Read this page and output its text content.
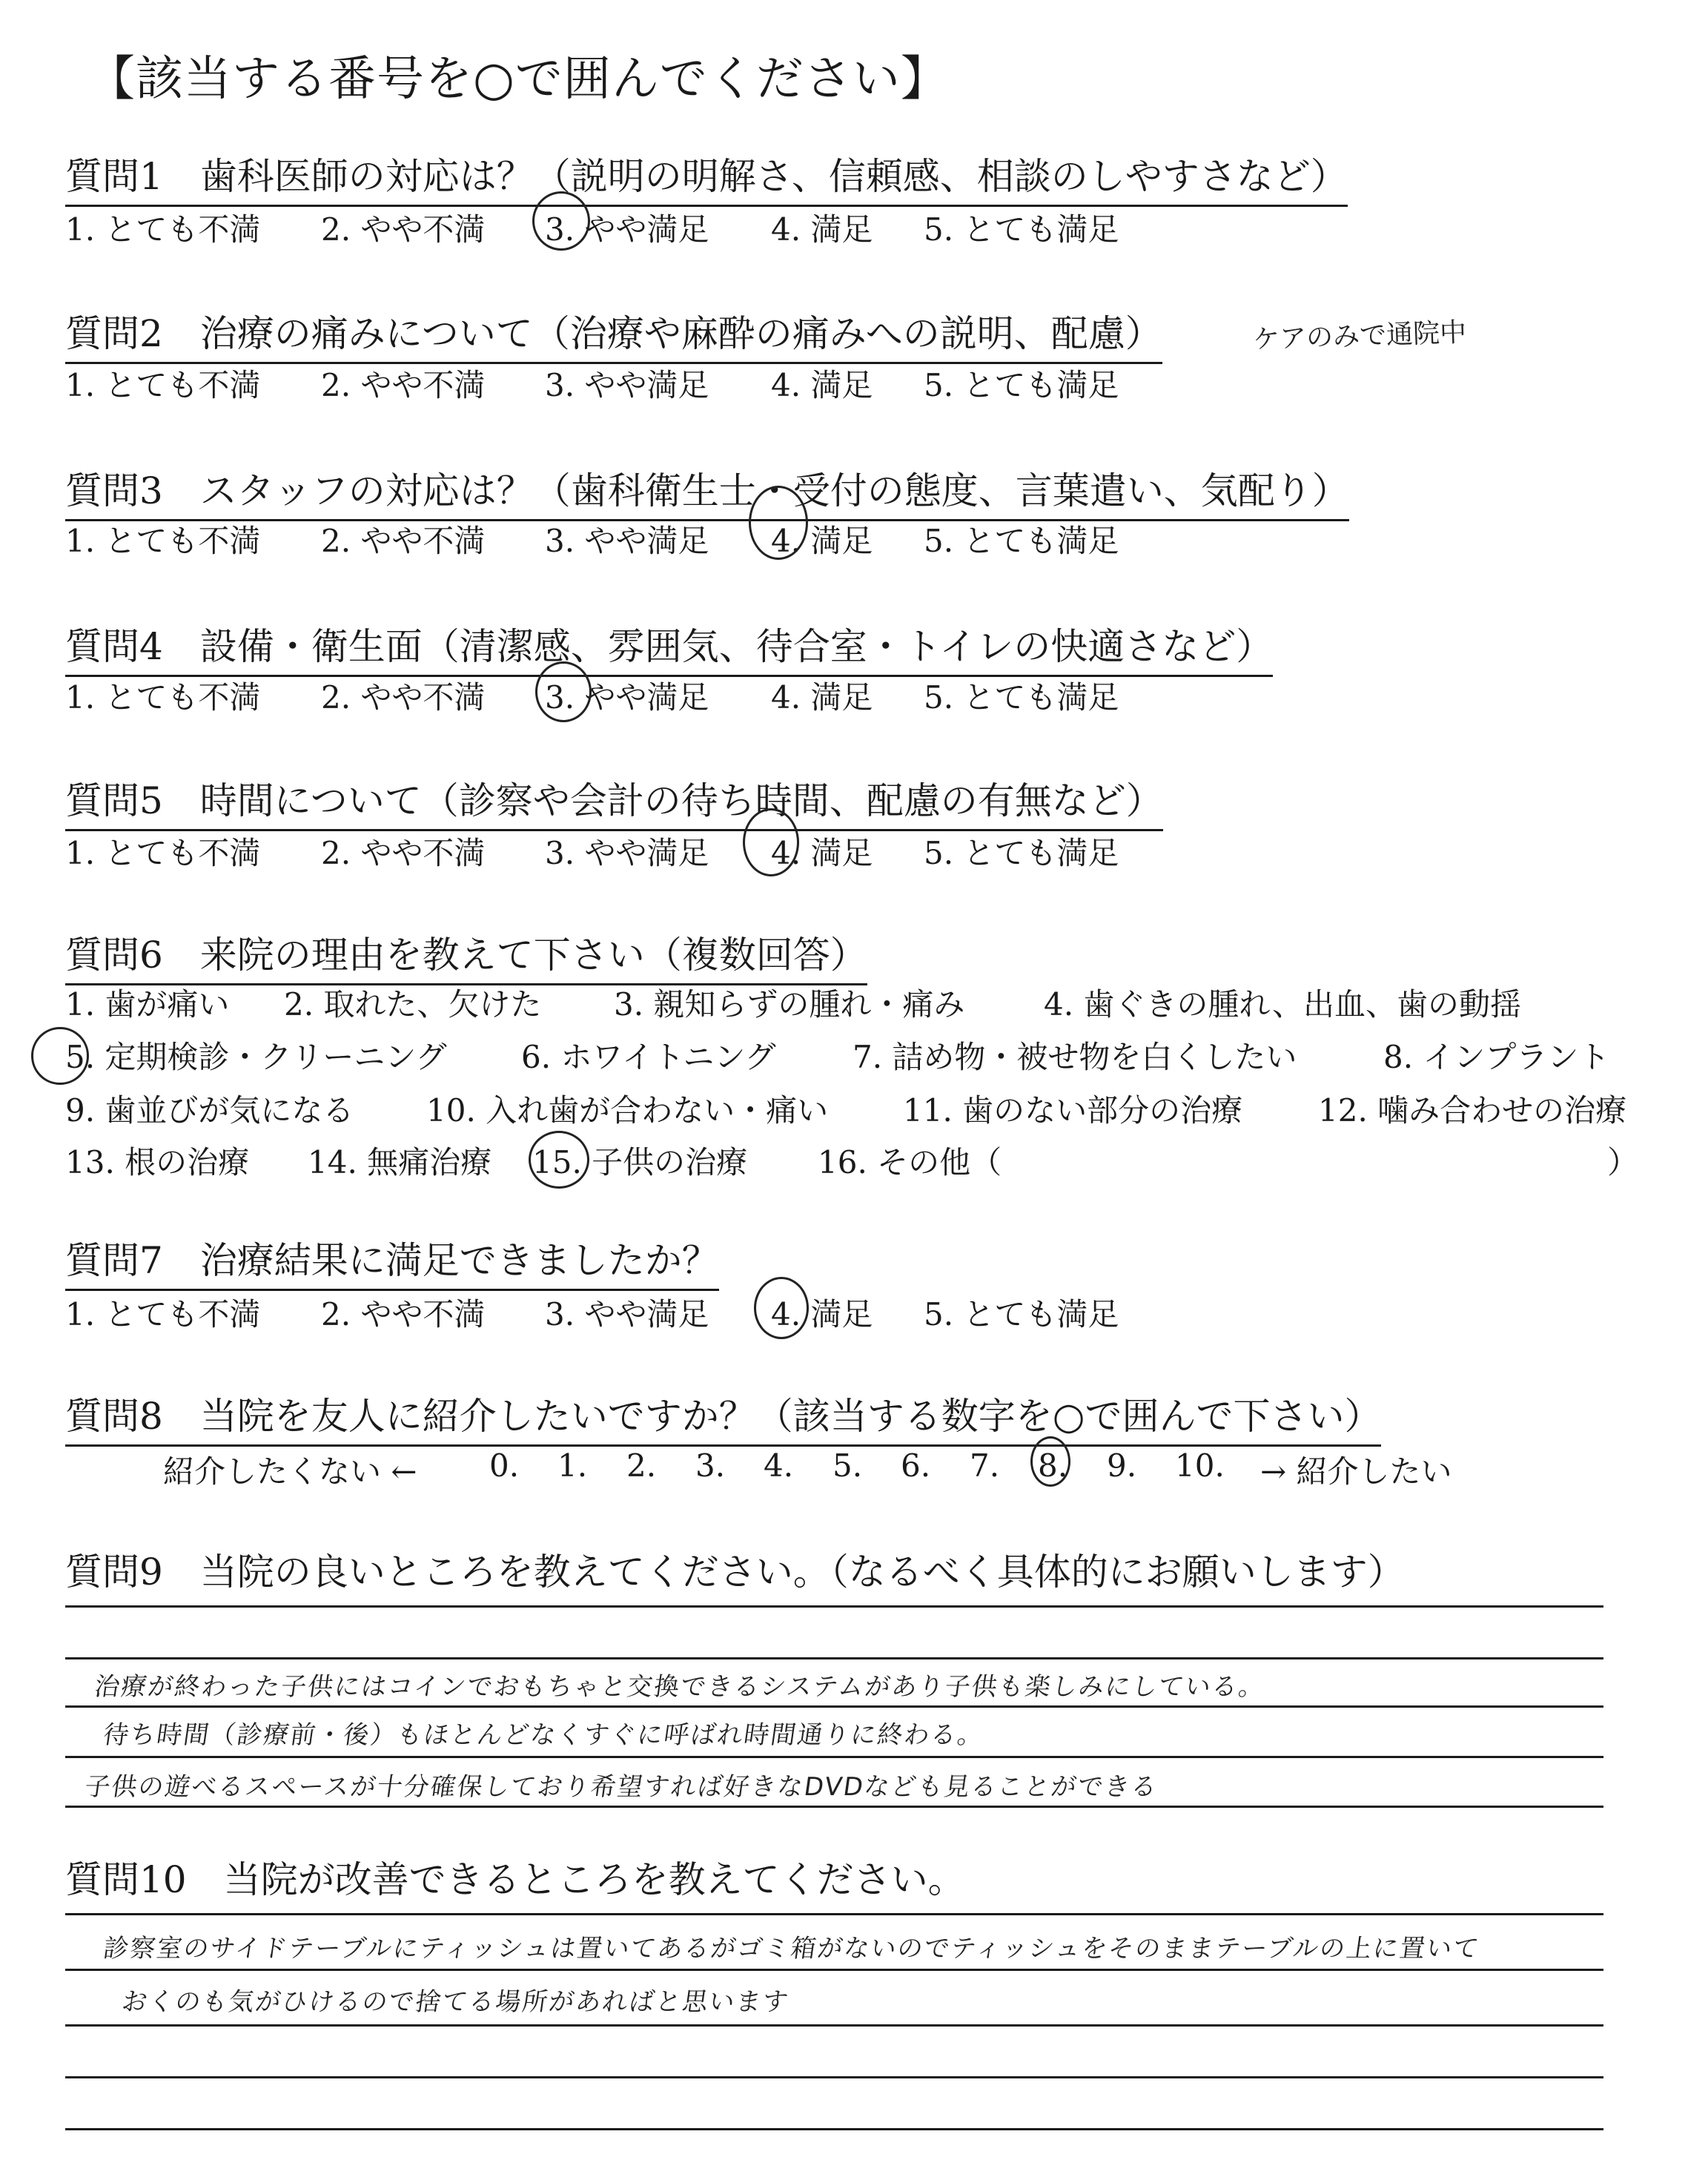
【該当する番号を○で囲んでください】
質問1　歯科医師の対応は？（説明の明解さ、信頼感、相談のしやすさなど）
1. とても不満 2. やや不満 3. やや満足 4. 満足 5. とても満足
質問2　治療の痛みについて（治療や麻酔の痛みへの説明、配慮）	ケアのみで通院中
1. とても不満 2. やや不満 3. やや満足 4. 満足 5. とても満足
質問3　スタッフの対応は？（歯科衛生士・受付の態度、言葉遣い、気配り）
1. とても不満 2. やや不満 3. やや満足 4. 満足 5. とても満足
質問4　設備・衛生面（清潔感、雰囲気、待合室・トイレの快適さなど）
1. とても不満 2. やや不満 3. やや満足 4. 満足 5. とても満足
質問5　時間について（診察や会計の待ち時間、配慮の有無など）
1. とても不満 2. やや不満 3. やや満足 4. 満足 5. とても満足
質問6　来院の理由を教えて下さい（複数回答）
1. 歯が痛い 2. 取れた、欠けた 3. 親知らずの腫れ・痛み	4. 歯ぐきの腫れ、出血、歯の動揺
5. 定期検診・クリーニング 6. ホワイトニング 7. 詰め物・被せ物を白くしたい	8. インプラント
9. 歯並びが気になる 10. 入れ歯が合わない・痛い 11. 歯のない部分の治療 12. 噛み合わせの治療
13. 根の治療 14. 無痛治療 15. 子供の治療 16. その他（	）
質問7　治療結果に満足できましたか？
1. とても不満 2. やや不満 3. やや満足 4. 満足 5. とても満足
質問8　当院を友人に紹介したいですか？（該当する数字を○で囲んで下さい）
紹介したくない ← 0. 1. 2. 3. 4. 5. 6. 7. 8. 9. 10. → 紹介したい
質問9　当院の良いところを教えてください。（なるべく具体的にお願いします）
治療が終わった子供にはコインでおもちゃと交換できるシステムがあり子供も楽しみにしている。
待ち時間（診療前・後）もほとんどなくすぐに呼ばれ時間通りに終わる。
子供の遊べるスペースが十分確保しており希望すれば好きなDVDなども見ることができる
質問10　当院が改善できるところを教えてください。
診察室のサイドテーブルにティッシュは置いてあるがゴミ箱がないのでティッシュをそのままテーブルの上に置いて
おくのも気がひけるので捨てる場所があればと思います
